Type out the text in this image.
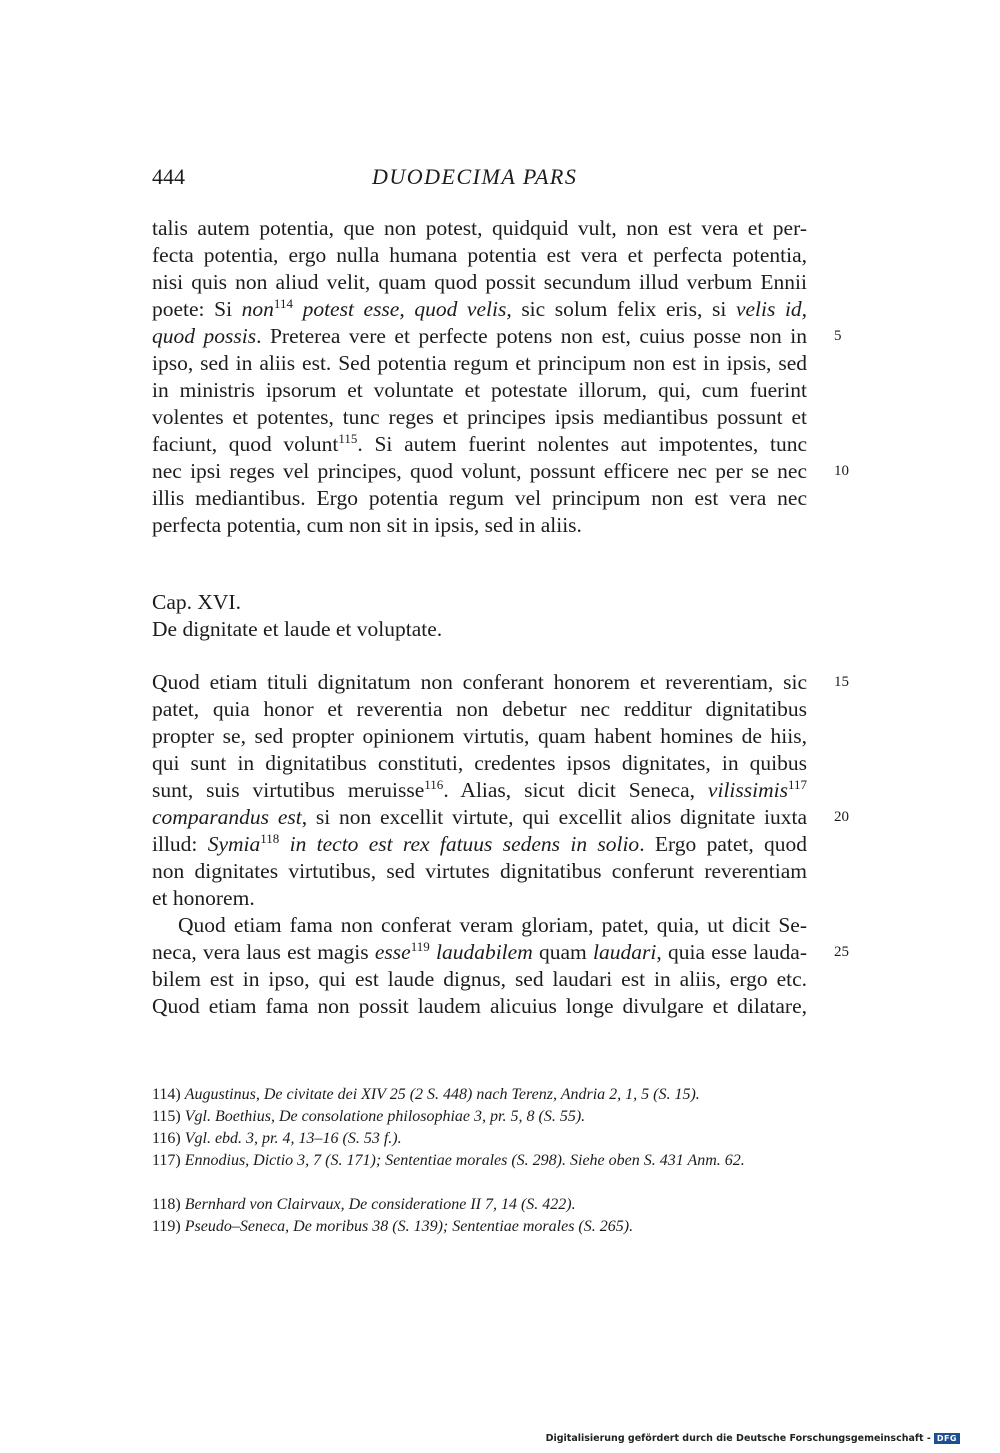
444	DUODECIMA PARS
talis autem potentia, que non potest, quidquid vult, non est vera et per-
fecta potentia, ergo nulla humana potentia est vera et perfecta potentia,
nisi quis non aliud velit, quam quod possit secundum illud verbum Ennii
poete: Si non$^{114}$ potest esse, quod velis, sic solum felix eris, si velis id,
quod possis. Preterea vere et perfecte potens non est, cuius posse non in
ipso, sed in aliis est. Sed potentia regum et principum non est in ipsis, sed
in ministris ipsorum et voluntate et potestate illorum, qui, cum fuerint
volentes et potentes, tunc reges et principes ipsis mediantibus possunt et
faciunt, quod volunt$^{115}$. Si autem fuerint nolentes aut impotentes, tunc
nec ipsi reges vel principes, quod volunt, possunt efficere nec per se nec
illis mediantibus. Ergo potentia regum vel principum non est vera nec
perfecta potentia, cum non sit in ipsis, sed in aliis.
Cap. XVI.
De dignitate et laude et voluptate.
Quod etiam tituli dignitatum non conferant honorem et reverentiam, sic
patet, quia honor et reverentia non debetur nec redditur dignitatibus
propter se, sed propter opinionem virtutis, quam habent homines de hiis,
qui sunt in dignitatibus constituti, credentes ipsos dignitates, in quibus
sunt, suis virtutibus meruisse$^{116}$. Alias, sicut dicit Seneca, vilissimis$^{117}$
comparandus est, si non excellit virtute, qui excellit alios dignitate iuxta
illud: Symia$^{118}$ in tecto est rex fatuus sedens in solio. Ergo patet, quod
non dignitates virtutibus, sed virtutes dignitatibus conferunt reverentiam
et honorem.
Quod etiam fama non conferat veram gloriam, patet, quia, ut dicit Se-
neca, vera laus est magis esse$^{119}$ laudabilem quam laudari, quia esse lauda-
bilem est in ipso, qui est laude dignus, sed laudari est in aliis, ergo etc.
Quod etiam fama non possit laudem alicuius longe divulgare et dilatare,
5
10
15
20
25
114) Augustinus, De civitate dei XIV 25 (2 S. 448) nach Terenz, Andria 2, 1, 5 (S. 15).
115) Vgl. Boethius, De consolatione philosophiae 3, pr. 5, 8 (S. 55).
116) Vgl. ebd. 3, pr. 4, 13–16 (S. 53 f.).
117) Ennodius, Dictio 3, 7 (S. 171); Sententiae morales (S. 298). Siehe oben S. 431 Anm. 62.
118) Bernhard von Clairvaux, De consideratione II 7, 14 (S. 422).
119) Pseudo–Seneca, De moribus 38 (S. 139); Sententiae morales (S. 265).
Digitalisierung gefördert durch die Deutsche Forschungsgemeinschaft - DFG
